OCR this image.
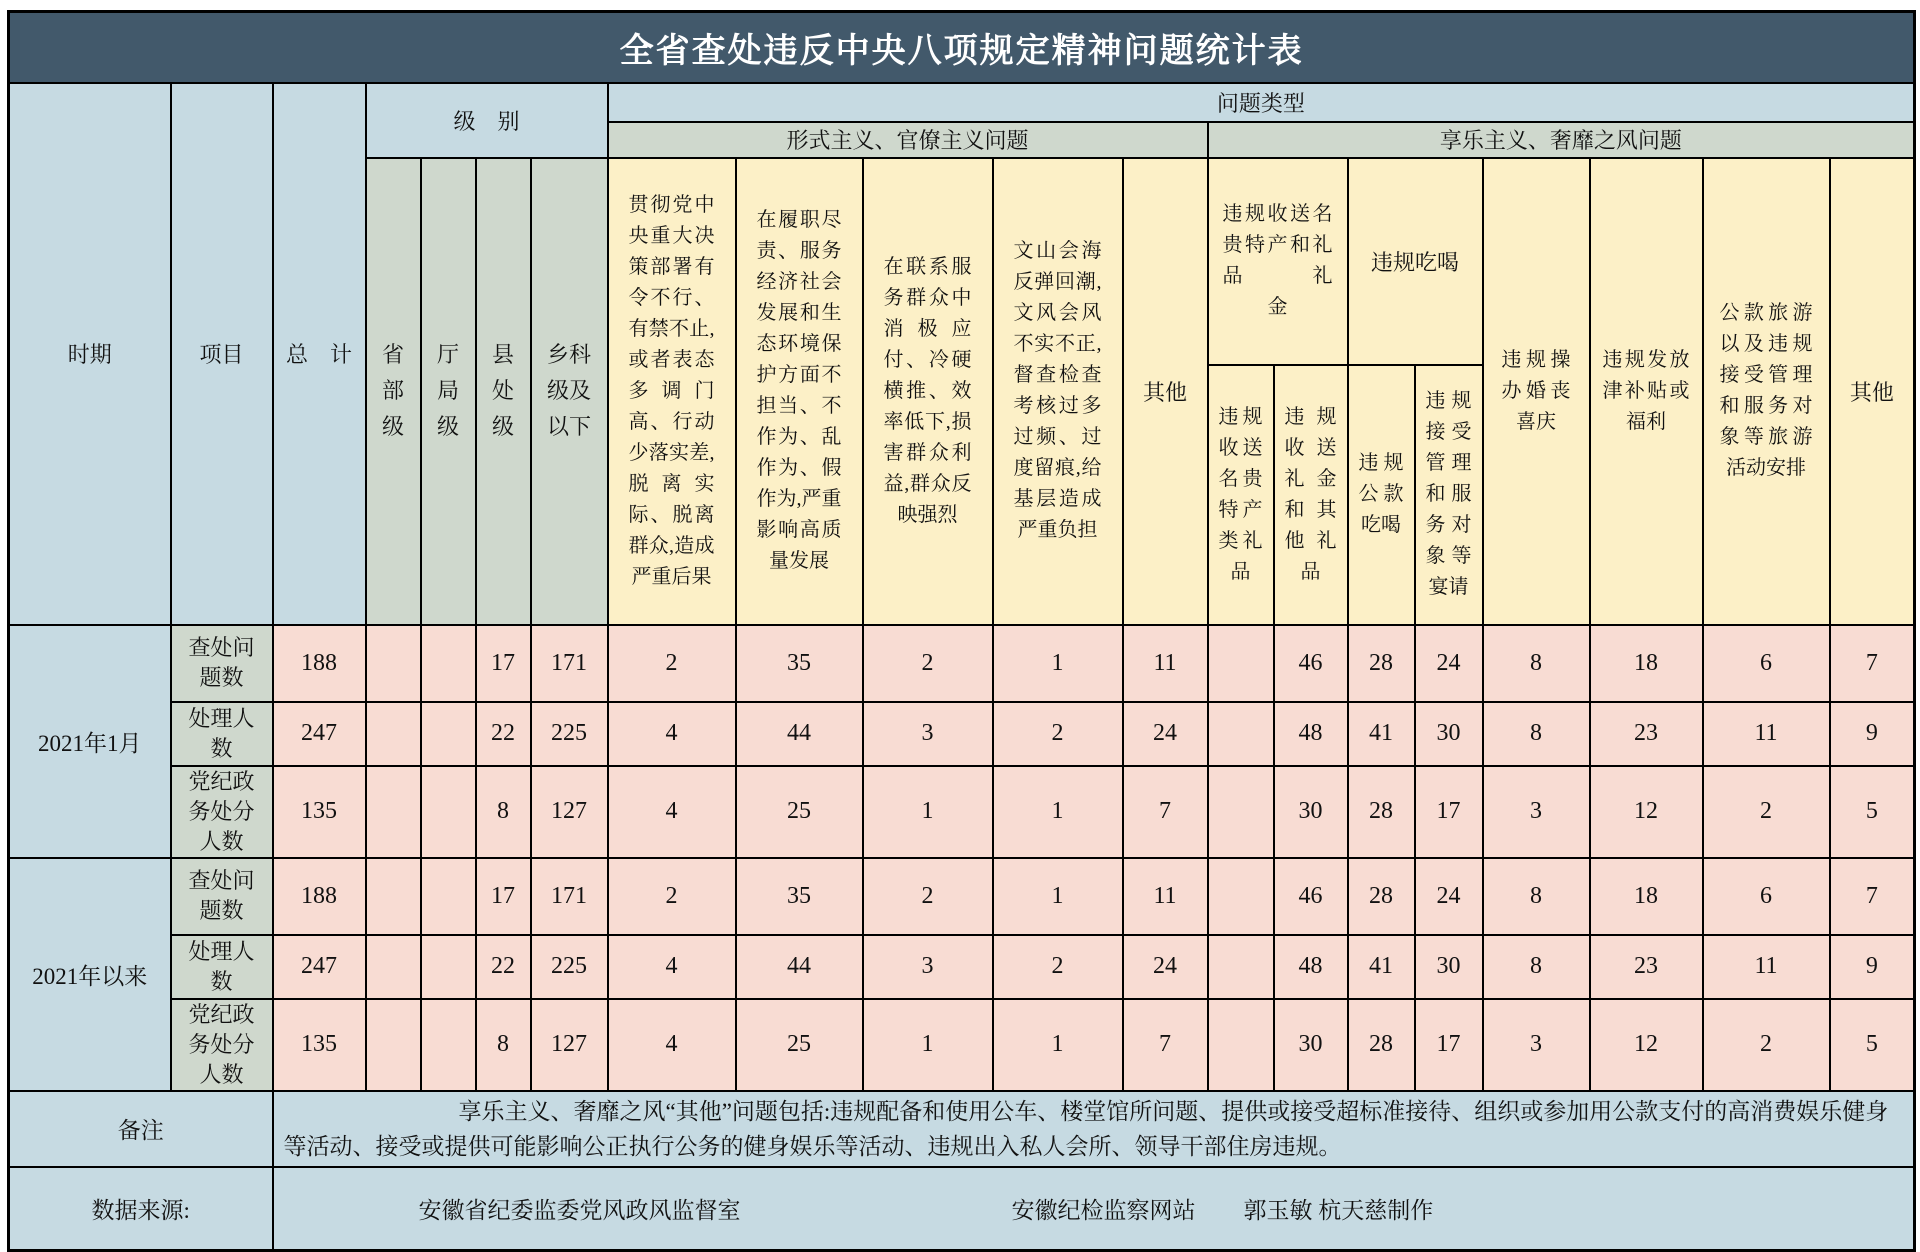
全省查处违反中央八项规定精神问题统计表																			
时期	项目	总　计	级　别				问题类型												
							形式主义、官僚主义问题					享乐主义、奢靡之风问题							
			省部级	厅局级	县处级	乡科级及以下	贯彻党中央重大决策部署有令不行、有禁不止,或者表态多调门高、行动少落实差,脱离实际、脱离群众,造成严重后果	在履职尽责、服务经济社会发展和生态环境保护方面不担当、不作为、乱作为、假作为,严重影响高质量发展	在联系服务群众中消极应付、冷硬横推、效率低下,损害群众利益,群众反映强烈	文山会海反弹回潮,文风会风不实不正,督查检查考核过多过频、过度留痕,给基层造成严重负担	其他	违规收送名贵特产和礼品　　　礼金		违规吃喝		违规操办婚丧喜庆	违规发放津补贴或福利	公款旅游以及违规接受管理和服务对象等旅游活动安排	其他
												违规收送名贵特产类礼品	违规收送礼金和其他礼品	违规公款吃喝	违规接受管理和服务对象等宴请				
2021年1月	查处问题数	188			17	171	2	35	2	1	11		46	28	24	8	18	6	7
	处理人数	247			22	225	4	44	3	2	24		48	41	30	8	23	11	9
	党纪政务处分人数	135			8	127	4	25	1	1	7		30	28	17	3	12	2	5
2021年以来	查处问题数	188			17	171	2	35	2	1	11		46	28	24	8	18	6	7
	处理人数	247			22	225	4	44	3	2	24		48	41	30	8	23	11	9
	党纪政务处分人数	135			8	127	4	25	1	1	7		30	28	17	3	12	2	5
备注		享乐主义、奢靡之风“其他”问题包括:违规配备和使用公车、楼堂馆所问题、提供或接受超标准接待、组织或参加用公款支付的高消费娱乐健身等活动、接受或提供可能影响公正执行公务的健身娱乐等活动、违规出入私人会所、领导干部住房违规。																	
数据来源:		安徽省纪委监委党风政风监督室 安徽纪检监察网站 郭玉敏 杭天慈制作																	
